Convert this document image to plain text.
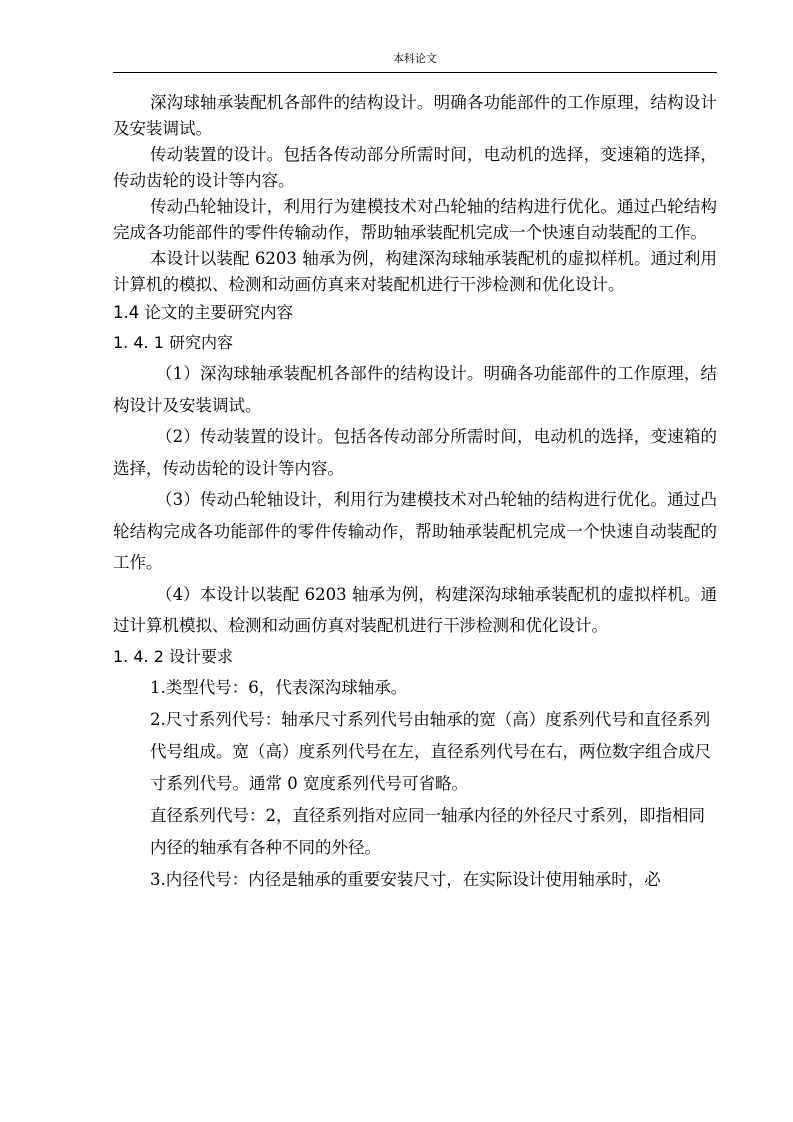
本科论文

深沟球轴承装配机各部件的结构设计。明确各功能部件的工作原理，结构设计及安装调试。

传动装置的设计。包括各传动部分所需时间，电动机的选择，变速箱的选择，传动齿轮的设计等内容。

传动凸轮轴设计，利用行为建模技术对凸轮轴的结构进行优化。通过凸轮结构完成各功能部件的零件传输动作，帮助轴承装配机完成一个快速自动装配的工作。

本设计以装配 6203 轴承为例，构建深沟球轴承装配机的虚拟样机。通过利用计算机的模拟、检测和动画仿真来对装配机进行干涉检测和优化设计。

1.4 论文的主要研究内容
1. 4. 1 研究内容

（1）深沟球轴承装配机各部件的结构设计。明确各功能部件的工作原理，结构设计及安装调试。

（2）传动装置的设计。包括各传动部分所需时间，电动机的选择，变速箱的选择，传动齿轮的设计等内容。

（3）传动凸轮轴设计，利用行为建模技术对凸轮轴的结构进行优化。通过凸轮结构完成各功能部件的零件传输动作，帮助轴承装配机完成一个快速自动装配的工作。

（4）本设计以装配 6203 轴承为例，构建深沟球轴承装配机的虚拟样机。通过计算机模拟、检测和动画仿真对装配机进行干涉检测和优化设计。

1. 4. 2 设计要求

1.类型代号：6，代表深沟球轴承。

2.尺寸系列代号：轴承尺寸系列代号由轴承的宽（高）度系列代号和直径系列

代号组成。宽（高）度系列代号在左，直径系列代号在右，两位数字组合成尺

寸系列代号。通常 0 宽度系列代号可省略。

直径系列代号：2，直径系列指对应同一轴承内径的外径尺寸系列，即指相同

内径的轴承有各种不同的外径。

3.内径代号：内径是轴承的重要安装尺寸，在实际设计使用轴承时，必
